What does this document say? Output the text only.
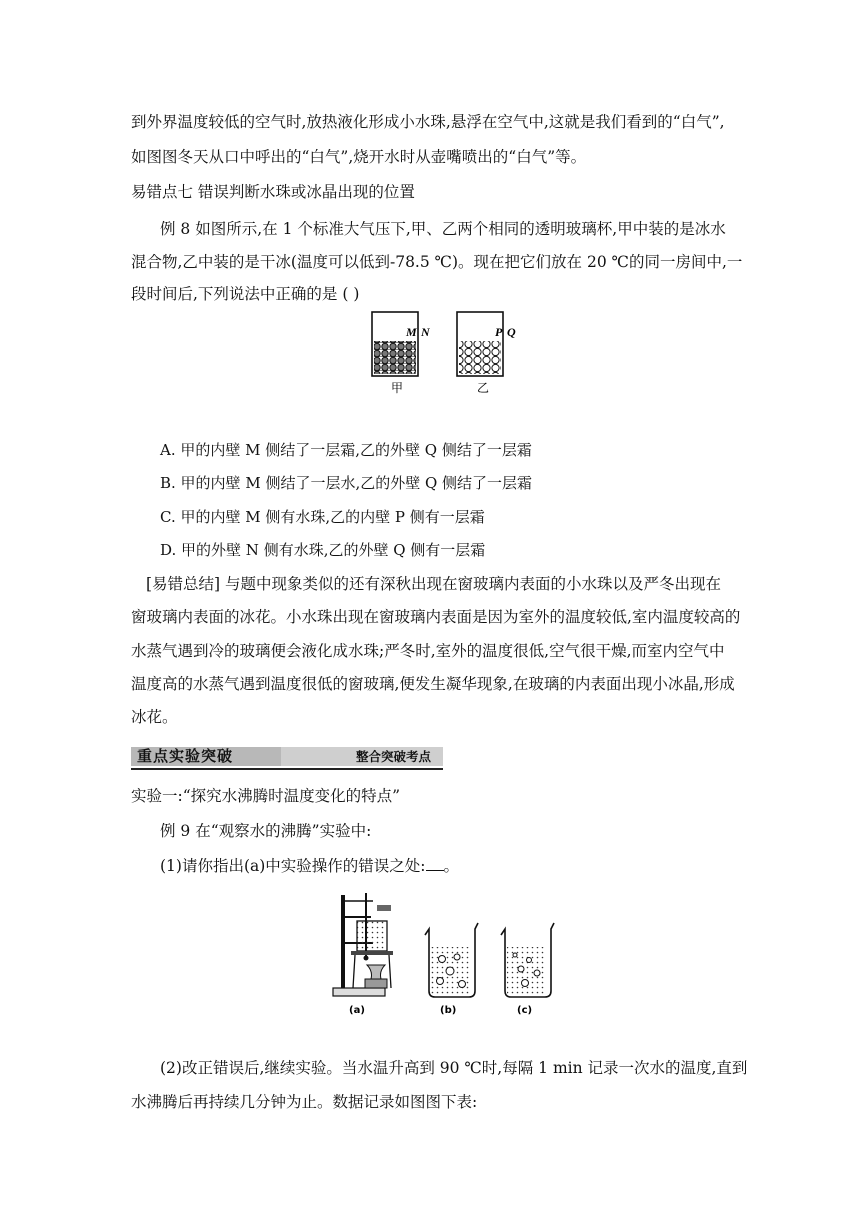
到外界温度较低的空气时,放热液化形成小水珠,悬浮在空气中,这就是我们看到的“白气”,
如图图冬天从口中呼出的“白气”,烧开水时从壶嘴喷出的“白气”等。
易错点七 错误判断水珠或冰晶出现的位置
例 8 如图所示,在 1 个标准大气压下,甲、乙两个相同的透明玻璃杯,甲中装的是冰水
混合物,乙中装的是干冰(温度可以低到-78.5 ℃)。现在把它们放在 20 ℃的同一房间中,一
段时间后,下列说法中正确的是 ( )
M N
甲
P Q
乙
A. 甲的内壁 M 侧结了一层霜,乙的外壁 Q 侧结了一层霜
B. 甲的内壁 M 侧结了一层水,乙的外壁 Q 侧结了一层霜
C. 甲的内壁 M 侧有水珠,乙的内壁 P 侧有一层霜
D. 甲的外壁 N 侧有水珠,乙的外壁 Q 侧有一层霜
[易错总结] 与题中现象类似的还有深秋出现在窗玻璃内表面的小水珠以及严冬出现在
窗玻璃内表面的冰花。小水珠出现在窗玻璃内表面是因为室外的温度较低,室内温度较高的
水蒸气遇到冷的玻璃便会液化成水珠;严冬时,室外的温度很低,空气很干燥,而室内空气中
温度高的水蒸气遇到温度很低的窗玻璃,便发生凝华现象,在玻璃的内表面出现小冰晶,形成
冰花。
重点实验突破	整合突破考点
实验一:“探究水沸腾时温度变化的特点”
例 9 在“观察水的沸腾”实验中:
(1)请你指出(a)中实验操作的错误之处: 。
(a)	(b)	(c)
(2)改正错误后,继续实验。当水温升高到 90 ℃时,每隔 1 min 记录一次水的温度,直到
水沸腾后再持续几分钟为止。数据记录如图图下表:
